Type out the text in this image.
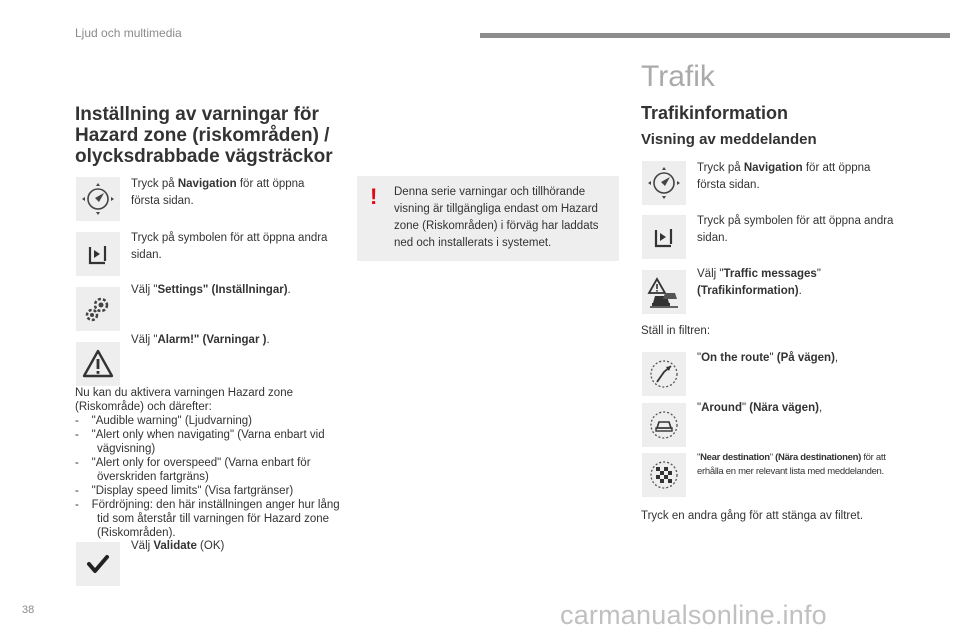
Ljud och multimedia
Inställning av varningar för Hazard zone (riskområden) / olycksdrabbade vägsträckor
Tryck på Navigation för att öppna första sidan.
Tryck på symbolen för att öppna andra sidan.
Välj "Settings" (Inställningar).
Välj "Alarm!" (Varningar ).
Nu kan du aktivera varningen Hazard zone (Riskområde) och därefter:
- "Audible warning" (Ljudvarning)
- "Alert only when navigating" (Varna enbart vid vägvisning)
- "Alert only for overspeed" (Varna enbart för överskriden fartgräns)
- "Display speed limits" (Visa fartgränser)
- Fördröjning: den här inställningen anger hur lång tid som återstår till varningen för Hazard zone (Riskområden).
Välj Validate (OK)
! Denna serie varningar och tillhörande visning är tillgängliga endast om Hazard zone (Riskområden) i förväg har laddats ned och installerats i systemet.
Trafik
Trafikinformation
Visning av meddelanden
Tryck på Navigation för att öppna första sidan.
Tryck på symbolen för att öppna andra sidan.
Välj "Traffic messages"
(Trafikinformation).
Ställ in filtren:
"On the route" (På vägen),
"Around" (Nära vägen),
"Near destination" (Nära destinationen) för att erhålla en mer relevant lista med meddelanden.
Tryck en andra gång för att stänga av filtret.
38	carmanualsonline.info
